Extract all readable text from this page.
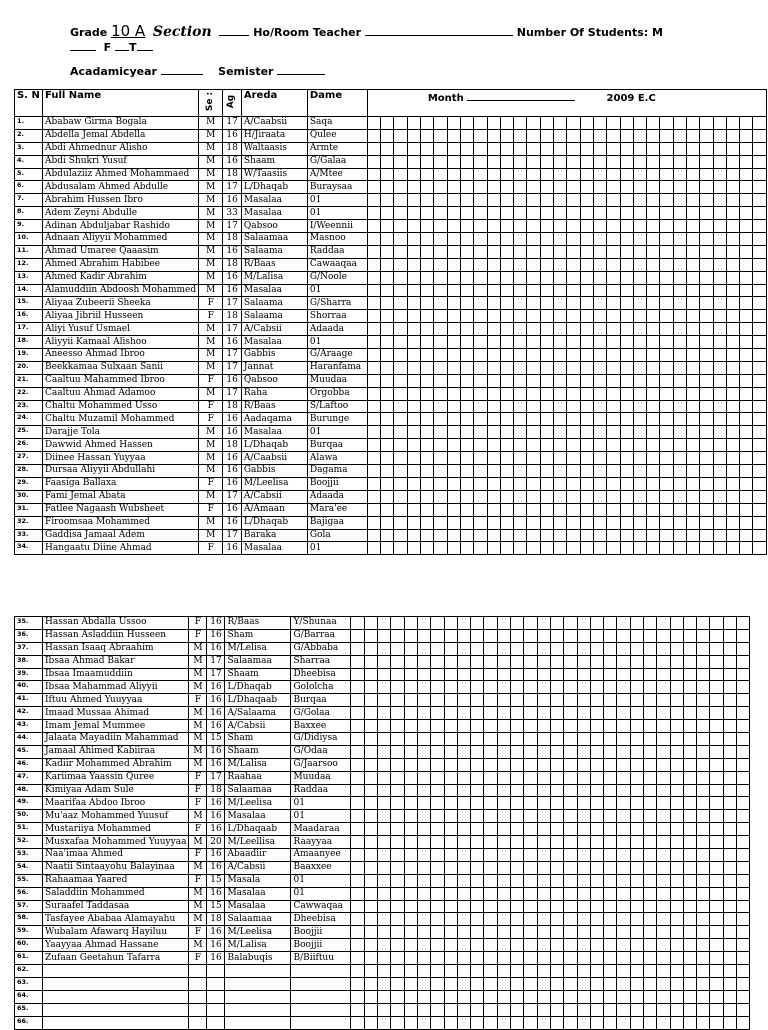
Grade 10 A Section	Ho/Room Teacher	Number Of Students: M
F T
Acadamicyear	Semister
S. N	Full Name	Se :	Ag	Areda	Dame	Month 2009 E.C																													

1.	Ababaw Girma Bogala	M	17	A/Caabsii	Saqa																														
2.	Abdella Jemal Abdella	M	16	H/Jiraata	Qulee																														
3.	Abdi Ahmednur Alisho	M	18	Waltaasis	Armte																														
4.	Abdi Shukri Yusuf	M	16	Shaam	G/Galaa																														
5.	Abdulaziiz Ahmed Mohammaed	M	18	W/Taasiis	A/Mtee																														
6.	Abdusalam Ahmed Abdulle	M	17	L/Dhaqab	Buraysaa																														
7.	Abrahim Hussen Ibro	M	16	Masalaa	01																														
8.	Adem Zeyni Abdulle	M	33	Masalaa	01																														
9.	Adinan Abduljabar Rashido	M	17	Qabsoo	I/Weennii																														
10.	Adnaan Aliyyii Mohammed	M	18	Salaamaa	Masnoo																														
11.	Ahmad Umaree Qaaasim	M	16	Salaama	Raddaa																														
12.	Ahmed Abrahim Habibee	M	18	R/Baas	Cawaaqaa																														
13.	Ahmed Kadir Abrahim	M	16	M/Lalisa	G/Noole																														
14.	Alamuddiin Abdoosh Mohammed	M	16	Masalaa	01																														
15.	Aliyaa Zubeerii Sheeka	F	17	Salaama	G/Sharra																														
16.	Aliyaa Jibriil Husseen	F	18	Salaama	Shorraa																														
17.	Aliyi Yusuf Usmael	M	17	A/Cabsii	Adaada																														
18.	Aliyyii Kamaal Alishoo	M	16	Masalaa	01																														
19.	Aneesso Ahmad Ibroo	M	17	Gabbis	G/Araage																														
20.	Beekkamaa Sulxaan Sanii	M	17	Jannat	Haranfama																														
21.	Caaltuu Mahammed Ibroo	F	16	Qabsoo	Muudaa																														
22.	Caaltuu Ahmad Adamoo	M	17	Raha	Orgobba																														
23.	Chaltu Mohammed Usso	F	18	R/Baas	S/Laftoo																														
24.	Chaltu Muzamil Mohammed	F	16	Aadaqama	Burunge																														
25.	Darajje Tola	M	16	Masalaa	01																														
26.	Dawwid Ahmed Hassen	M	18	L/Dhaqab	Burqaa																														
27.	Diinee Hassan Yuyyaa	M	16	A/Caabsii	Alawa																														
28.	Dursaa Aliyyii Abdullahi	M	16	Gabbis	Dagama																														
29.	Faasiga Ballaxa	F	16	M/Leelisa	Boojjii																														
30.	Fami Jemal Abata	M	17	A/Cabsii	Adaada																														
31.	Fatlee Nagaash Wubsheet	F	16	A/Amaan	Mara'ee																														
32.	Firoomsaa Mohammed	M	16	L/Dhaqab	Bajigaa																														
33.	Gaddisa Jamaal Adem	M	17	Baraka	Gola																														
34.	Hangaatu Diine Ahmad	F	16	Masalaa	01																														
35.	Hassan Abdalla Ussoo	F	16	R/Baas	Y/Shunaa																														
36.	Hassan Asladdiin Husseen	F	16	Sham	G/Barraa																														
37.	Hassan Isaaq Abraahim	M	16	M/Lelisa	G/Abbaba																														
38.	Ibsaa Ahmad Bakar	M	17	Salaamaa	Sharraa																														
39.	Ibsaa Imaamuddiin	M	17	Shaam	Dheebisa																														
40.	Ibsaa Mahammad Aliyyii	M	16	L/Dhaqab	Gololcha																														
41.	Iftuu Ahmed Yuuyyaa	F	16	L/Dhaqaab	Burqaa																														
42.	Imaad Mussaa Ahimad	M	16	A/Salaama	G/Golaa																														
43.	Imam Jemal Mummee	M	16	A/Cabsii	Baxxee																														
44.	Jalaata Mayadiin Mahammad	M	15	Sham	G/Didiysa																														
45.	Jamaal Ahimed Kabiiraa	M	16	Shaam	G/Odaa																														
46.	Kadiir Mohammed Abrahim	M	16	M/Lalisa	G/Jaarsoo																														
47.	Kariimaa Yaassin Quree	F	17	Raahaa	Muudaa																														
48.	Kimiyaa Adam Sule	F	18	Salaamaa	Raddaa																														
49.	Maarifaa Abdoo Ibroo	F	16	M/Leelisa	01																														
50.	Mu'aaz Mohammed Yuusuf	M	16	Masalaa	01																														
51.	Mustariiya Mohammed	F	16	L/Dhaqaab	Maadaraa																														
52.	Musxafaa Mohammed Yuuyyaa	M	20	M/Leellisa	Raayyaa																														
53.	Naa'imaa Ahmed	F	16	Abaadiir	Amaanyee																														
54.	Naatii Sintaayohu Balayinaa	M	16	A/Cabsii	Baaxxee																														
55.	Rahaamaa Yaared	F	15	Masala	01																														
56.	Saladdiin Mohammed	M	16	Masalaa	01																														
57.	Suraafel Taddasaa	M	15	Masalaa	Cawwaqaa																														
58.	Tasfayee Ababaa Alamayahu	M	18	Salaamaa	Dheebisa																														
59.	Wubalam Afawarq Hayiluu	F	16	M/Leelisa	Boojjii																														
60.	Yaayyaa Ahmad Hassane	M	16	M/Lalisa	Boojjii																														
61.	Zufaan Geetahun Tafarra	F	16	Balabuqis	B/Biiftuu																														
62.																																			
63.																																			
64.																																			
65.																																			
66.																																			
